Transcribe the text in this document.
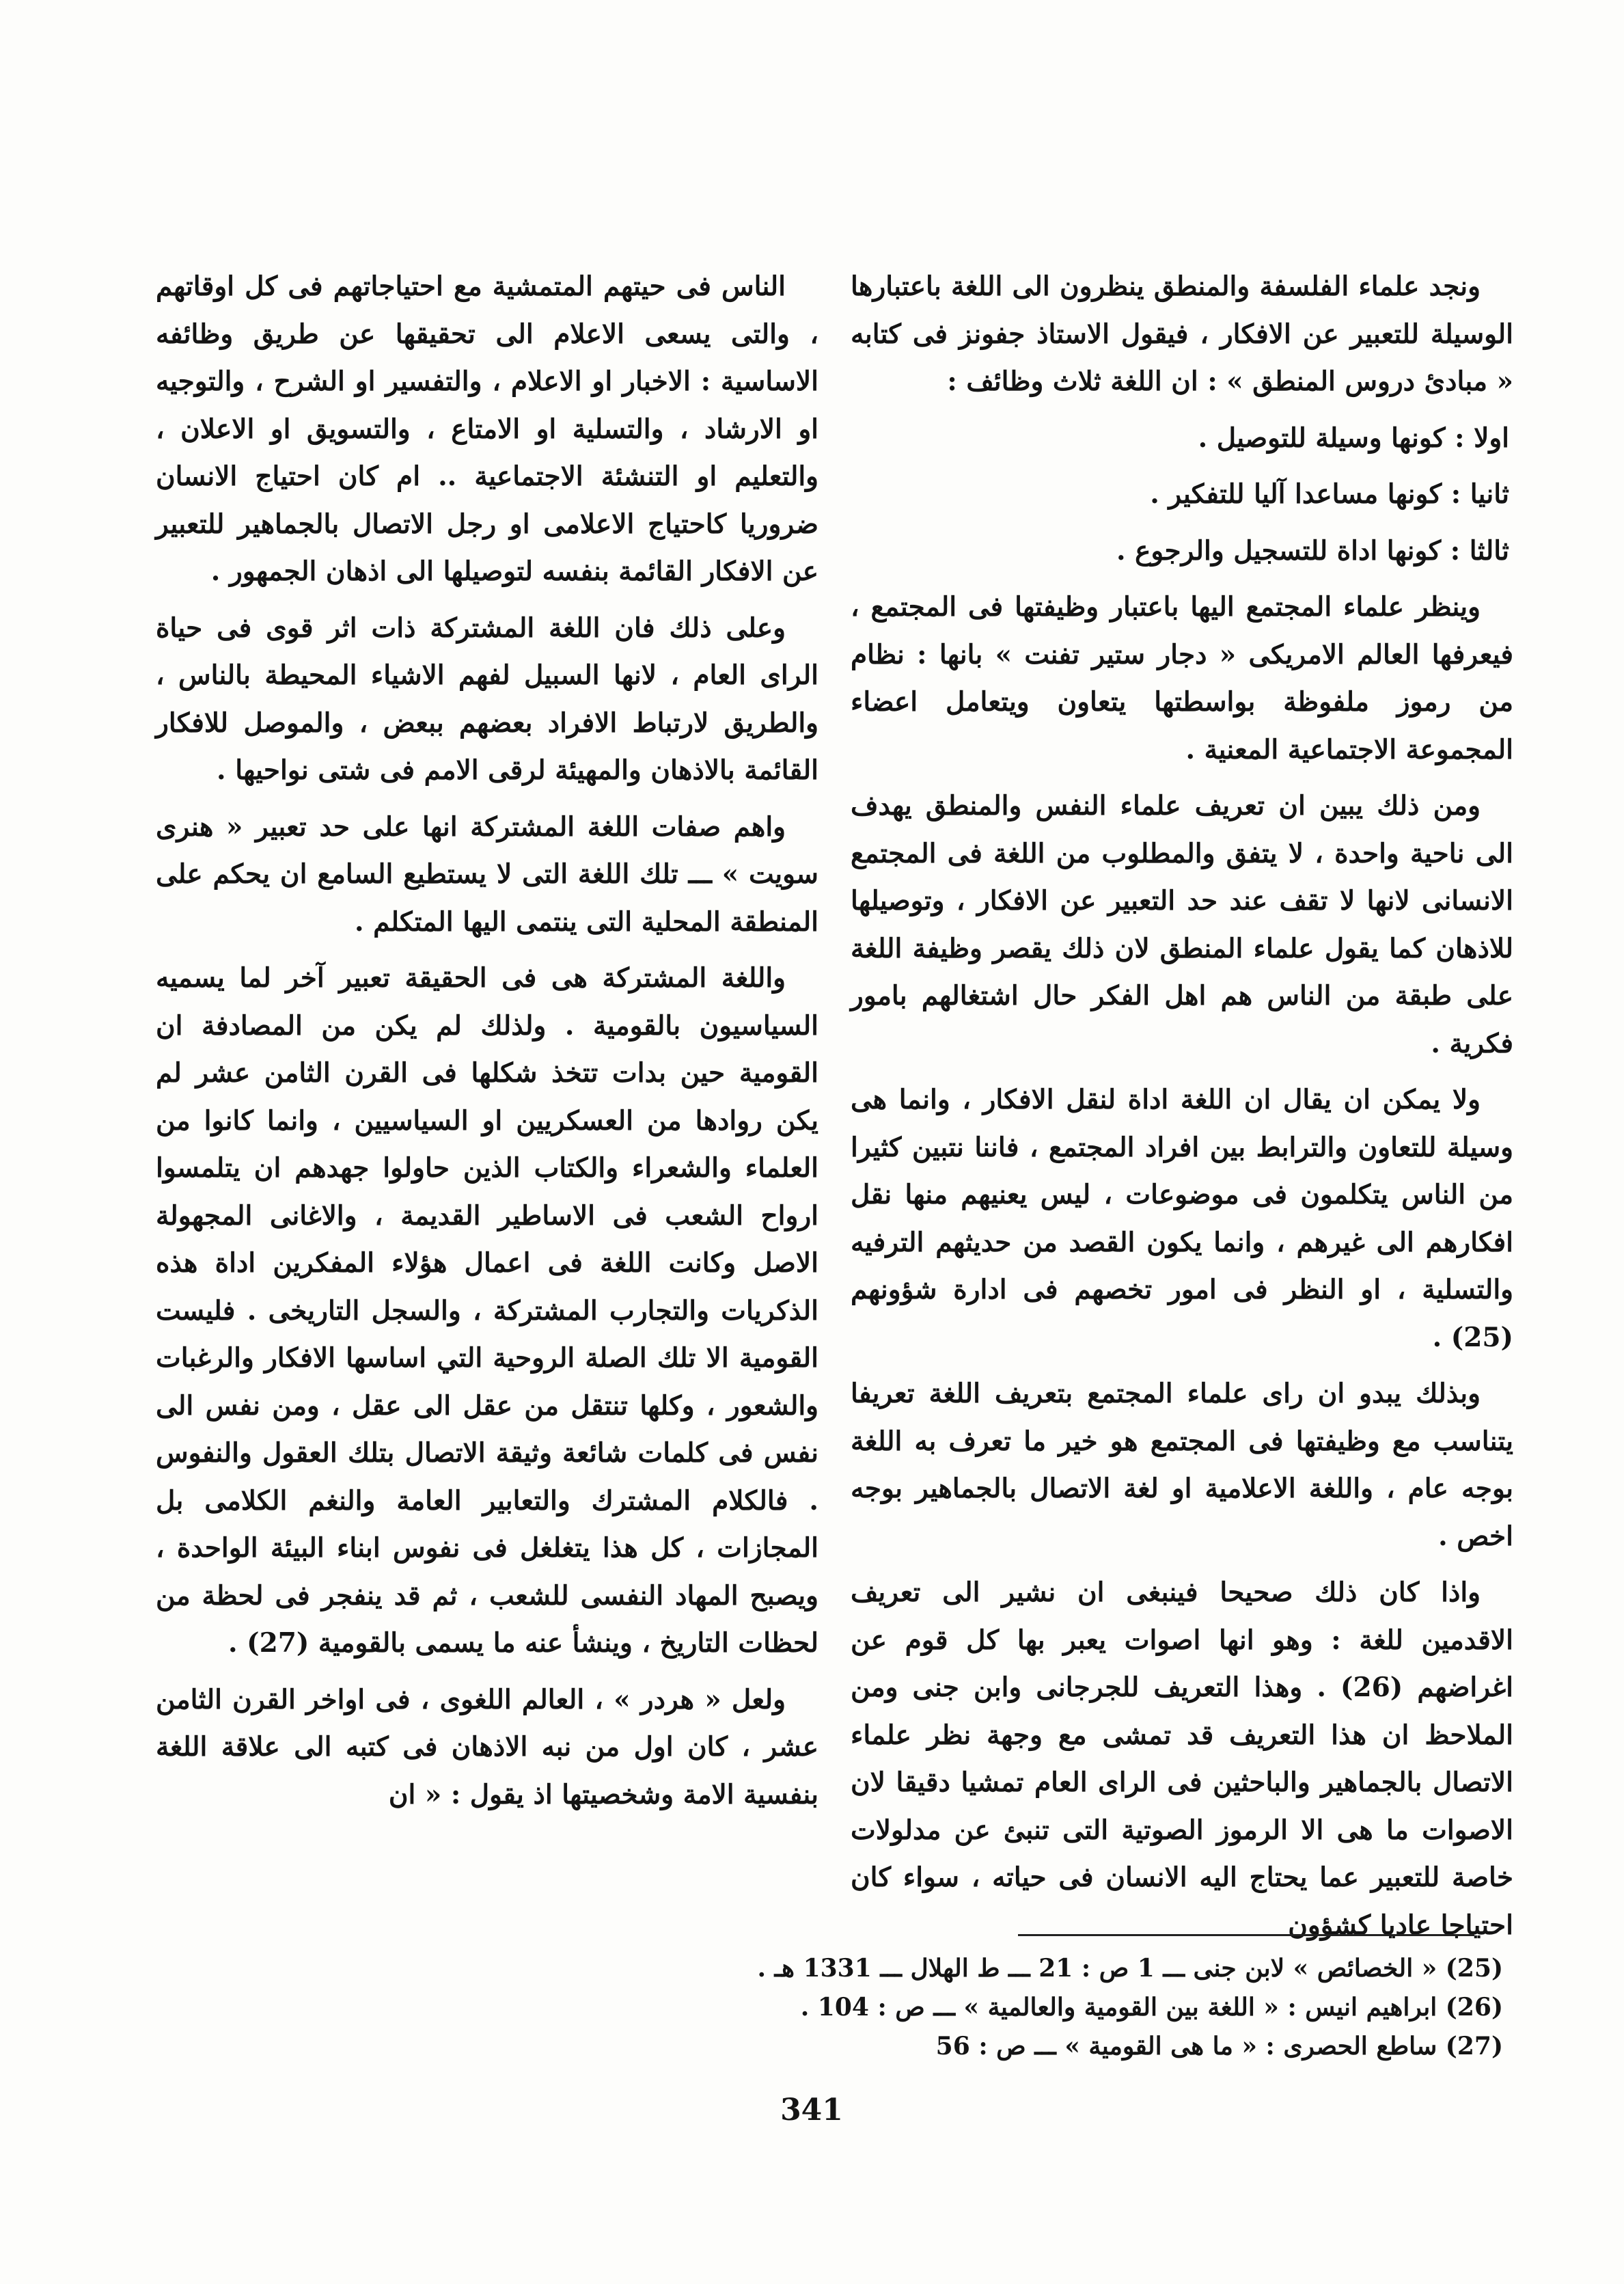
ونجد علماء الفلسفة والمنطق ينظرون الى اللغة باعتبارها الوسيلة للتعبير عن الافكار ، فيقول الاستاذ جفونز فى كتابه « مبادئ دروس المنطق » : ان اللغة ثلاث وظائف :

اولا : كونها وسيلة للتوصيل .

ثانيا : كونها مساعدا آليا للتفكير .

ثالثا : كونها اداة للتسجيل والرجوع .

وينظر علماء المجتمع اليها باعتبار وظيفتها فى المجتمع ، فيعرفها العالم الامريكى « دجار ستير تفنت » بانها : نظام من رموز ملفوظة بواسطتها يتعاون ويتعامل اعضاء المجموعة الاجتماعية المعنية .

ومن ذلك يبين ان تعريف علماء النفس والمنطق يهدف الى ناحية واحدة ، لا يتفق والمطلوب من اللغة فى المجتمع الانسانى لانها لا تقف عند حد التعبير عن الافكار ، وتوصيلها للاذهان كما يقول علماء المنطق لان ذلك يقصر وظيفة اللغة على طبقة من الناس هم اهل الفكر حال اشتغالهم بامور فكرية .

ولا يمكن ان يقال ان اللغة اداة لنقل الافكار ، وانما هى وسيلة للتعاون والترابط بين افراد المجتمع ، فاننا نتبين كثيرا من الناس يتكلمون فى موضوعات ، ليس يعنيهم منها نقل افكارهم الى غيرهم ، وانما يكون القصد من حديثهم الترفيه والتسلية ، او النظر فى امور تخصهم فى ادارة شؤونهم (25) .

وبذلك يبدو ان راى علماء المجتمع بتعريف اللغة تعريفا يتناسب مع وظيفتها فى المجتمع هو خير ما تعرف به اللغة بوجه عام ، واللغة الاعلامية او لغة الاتصال بالجماهير بوجه اخص .

واذا كان ذلك صحيحا فينبغى ان نشير الى تعريف الاقدمين للغة : وهو انها اصوات يعبر بها كل قوم عن اغراضهم (26) . وهذا التعريف للجرجانى وابن جنى ومن الملاحظ ان هذا التعريف قد تمشى مع وجهة نظر علماء الاتصال بالجماهير والباحثين فى الراى العام تمشيا دقيقا لان الاصوات ما هى الا الرموز الصوتية التى تنبئ عن مدلولات خاصة للتعبير عما يحتاج اليه الانسان فى حياته ، سواء كان احتياجا عاديا كشؤون

الناس فى حيتهم المتمشية مع احتياجاتهم فى كل اوقاتهم ، والتى يسعى الاعلام الى تحقيقها عن طريق وظائفه الاساسية : الاخبار او الاعلام ، والتفسير او الشرح ، والتوجيه او الارشاد ، والتسلية او الامتاع ، والتسويق او الاعلان ، والتعليم او التنشئة الاجتماعية .. ام كان احتياج الانسان ضروريا كاحتياج الاعلامى او رجل الاتصال بالجماهير للتعبير عن الافكار القائمة بنفسه لتوصيلها الى اذهان الجمهور .

وعلى ذلك فان اللغة المشتركة ذات اثر قوى فى حياة الراى العام ، لانها السبيل لفهم الاشياء المحيطة بالناس ، والطريق لارتباط الافراد بعضهم ببعض ، والموصل للافكار القائمة بالاذهان والمهيئة لرقى الامم فى شتى نواحيها .

واهم صفات اللغة المشتركة انها على حد تعبير « هنرى سويت » ـــ تلك اللغة التى لا يستطيع السامع ان يحكم على المنطقة المحلية التى ينتمى اليها المتكلم .

واللغة المشتركة هى فى الحقيقة تعبير آخر لما يسميه السياسيون بالقومية . ولذلك لم يكن من المصادفة ان القومية حين بدات تتخذ شكلها فى القرن الثامن عشر لم يكن روادها من العسكريين او السياسيين ، وانما كانوا من العلماء والشعراء والكتاب الذين حاولوا جهدهم ان يتلمسوا ارواح الشعب فى الاساطير القديمة ، والاغانى المجهولة الاصل وكانت اللغة فى اعمال هؤلاء المفكرين اداة هذه الذكريات والتجارب المشتركة ، والسجل التاريخى . فليست القومية الا تلك الصلة الروحية التي اساسها الافكار والرغبات والشعور ، وكلها تنتقل من عقل الى عقل ، ومن نفس الى نفس فى كلمات شائعة وثيقة الاتصال بتلك العقول والنفوس . فالكلام المشترك والتعابير العامة والنغم الكلامى بل المجازات ، كل هذا يتغلغل فى نفوس ابناء البيئة الواحدة ، ويصبح المهاد النفسى للشعب ، ثم قد ينفجر فى لحظة من لحظات التاريخ ، وينشأ عنه ما يسمى بالقومية (27) .

ولعل « هردر » ، العالم اللغوى ، فى اواخر القرن الثامن عشر ، كان اول من نبه الاذهان فى كتبه الى علاقة اللغة بنفسية الامة وشخصيتها اذ يقول : « ان

(25) « الخصائص » لابن جنى ـــ 1 ص : 21 ـــ ط الهلال ـــ 1331 هـ .
(26) ابراهيم انيس : « اللغة بين القومية والعالمية » ـــ ص : 104 .
(27) ساطع الحصرى : « ما هى القومية » ـــ ص : 56
341
